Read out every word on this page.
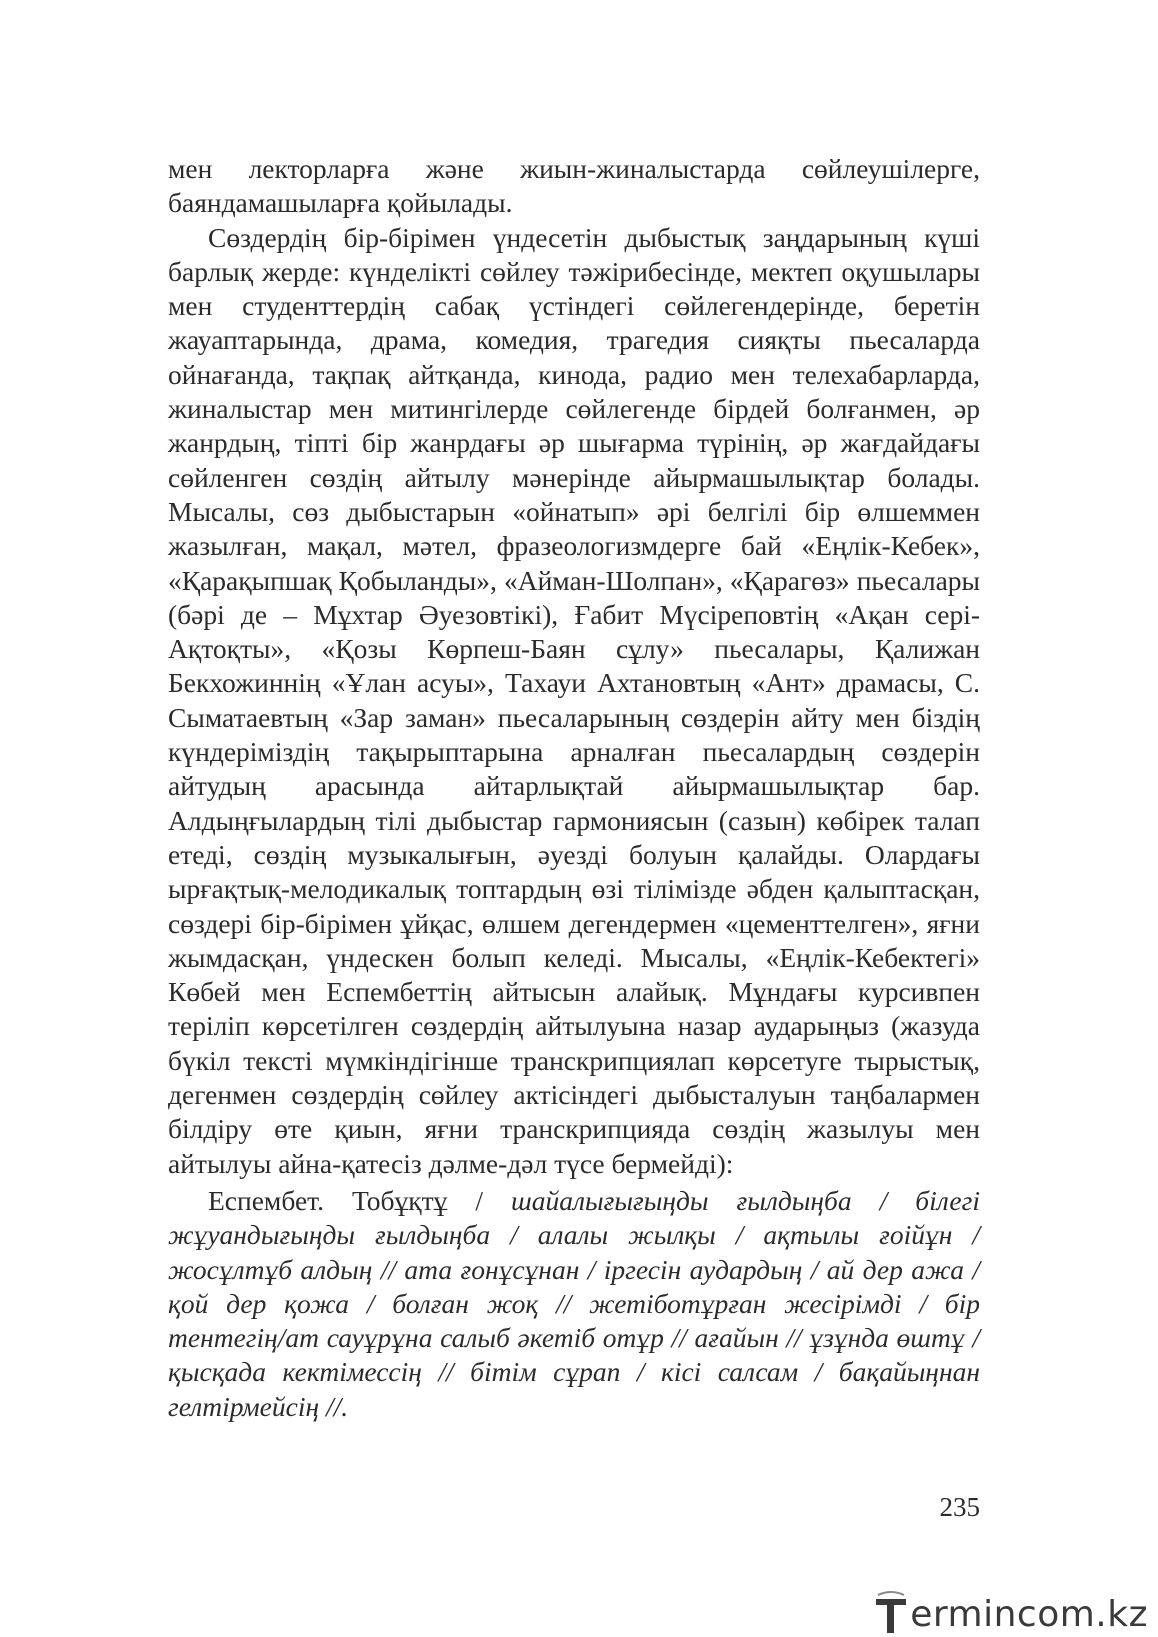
мен лекторларға және жиын-жиналыстарда сөйлеушілерге, баяндамашыларға қойылады.

Сөздердің бір-бірімен үндесетін дыбыстық заңдарының күші барлық жерде: күнделікті сөйлеу тәжірибесінде, мектеп оқушылары мен студенттердің сабақ үстіндегі сөйлегендерінде, беретін жауаптарында, драма, комедия, трагедия сияқты пьесаларда ойнағанда, тақпақ айтқанда, кинода, радио мен телехабарларда, жиналыстар мен митингілерде сөйлегенде бірдей болғанмен, әр жанрдың, тіпті бір жанрдағы әр шығарма түрінің, әр жағдайдағы сөйленген сөздің айтылу мәнерінде айырмашылықтар болады. Мысалы, сөз дыбыстарын «ойнатып» әрі белгілі бір өлшеммен жазылған, мақал, мәтел, фразеологизмдерге бай «Еңлік-Кебек», «Қарақыпшақ Қобыланды», «Айман-Шолпан», «Қарагөз» пьесалары (бәрі де – Мұхтар Әуезовтікі), Ғабит Мүсіреповтің «Ақан сері-Ақтоқты», «Қозы Көрпеш-Баян сұлу» пьесалары, Қалижан Бекхожиннің «Ұлан асуы», Тахауи Ахтановтың «Ант» драмасы, С. Сыматаевтың «Зар заман» пьесаларының сөздерін айту мен біздің күндеріміздің тақырыптарына арналған пьесалардың сөздерін айтудың арасында айтарлықтай айырмашылықтар бар. Алдыңғылардың тілі дыбыстар гармониясын (сазын) көбірек талап етеді, сөздің музыкалығын, әуезді болуын қалайды. Олардағы ырғақтық-мелодикалық топтардың өзі тілімізде әбден қалыптасқан, сөздері бір-бірімен ұйқас, өлшем дегендермен «цементтелген», яғни жымдасқан, үндескен болып келеді. Мысалы, «Еңлік-Кебектегі» Көбей мен Еспембеттің айтысын алайық. Мұндағы курсивпен теріліп көрсетілген сөздердің айтылуына назар аударыңыз (жазуда бүкіл текcті мүмкіндігінше транскрипциялап көрсетуге тырыстық, дегенмен сөздердің сөйлеу актісіндегі дыбысталуын таңбалармен білдіру өте қиын, яғни транскрипцияда сөздің жазылуы мен айтылуы айна-қатесіз дәлме-дәл түсе бермейді):

Еспембет. Тобұқтұ / шайалығығыңды ғылдыңба / білегі жұуандығыңды ғылдыңба / алалы жылқы / ақтылы ғоійұн / жосұлтұб алдың // ата ғонұсұнан / іргесін аудардың / ай дер ажа / қой дер қожа / болған жоқ // жетіботұрған жесірімді / бір тентегің/ат сауұрұна салыб әкетіб отұр // ағайын // ұзұнда өштұ / қысқада кектімессің // бітім сұрап / кісі салсам / бақайыңнан гелтірмейсің //.

235
ermincom.kz
